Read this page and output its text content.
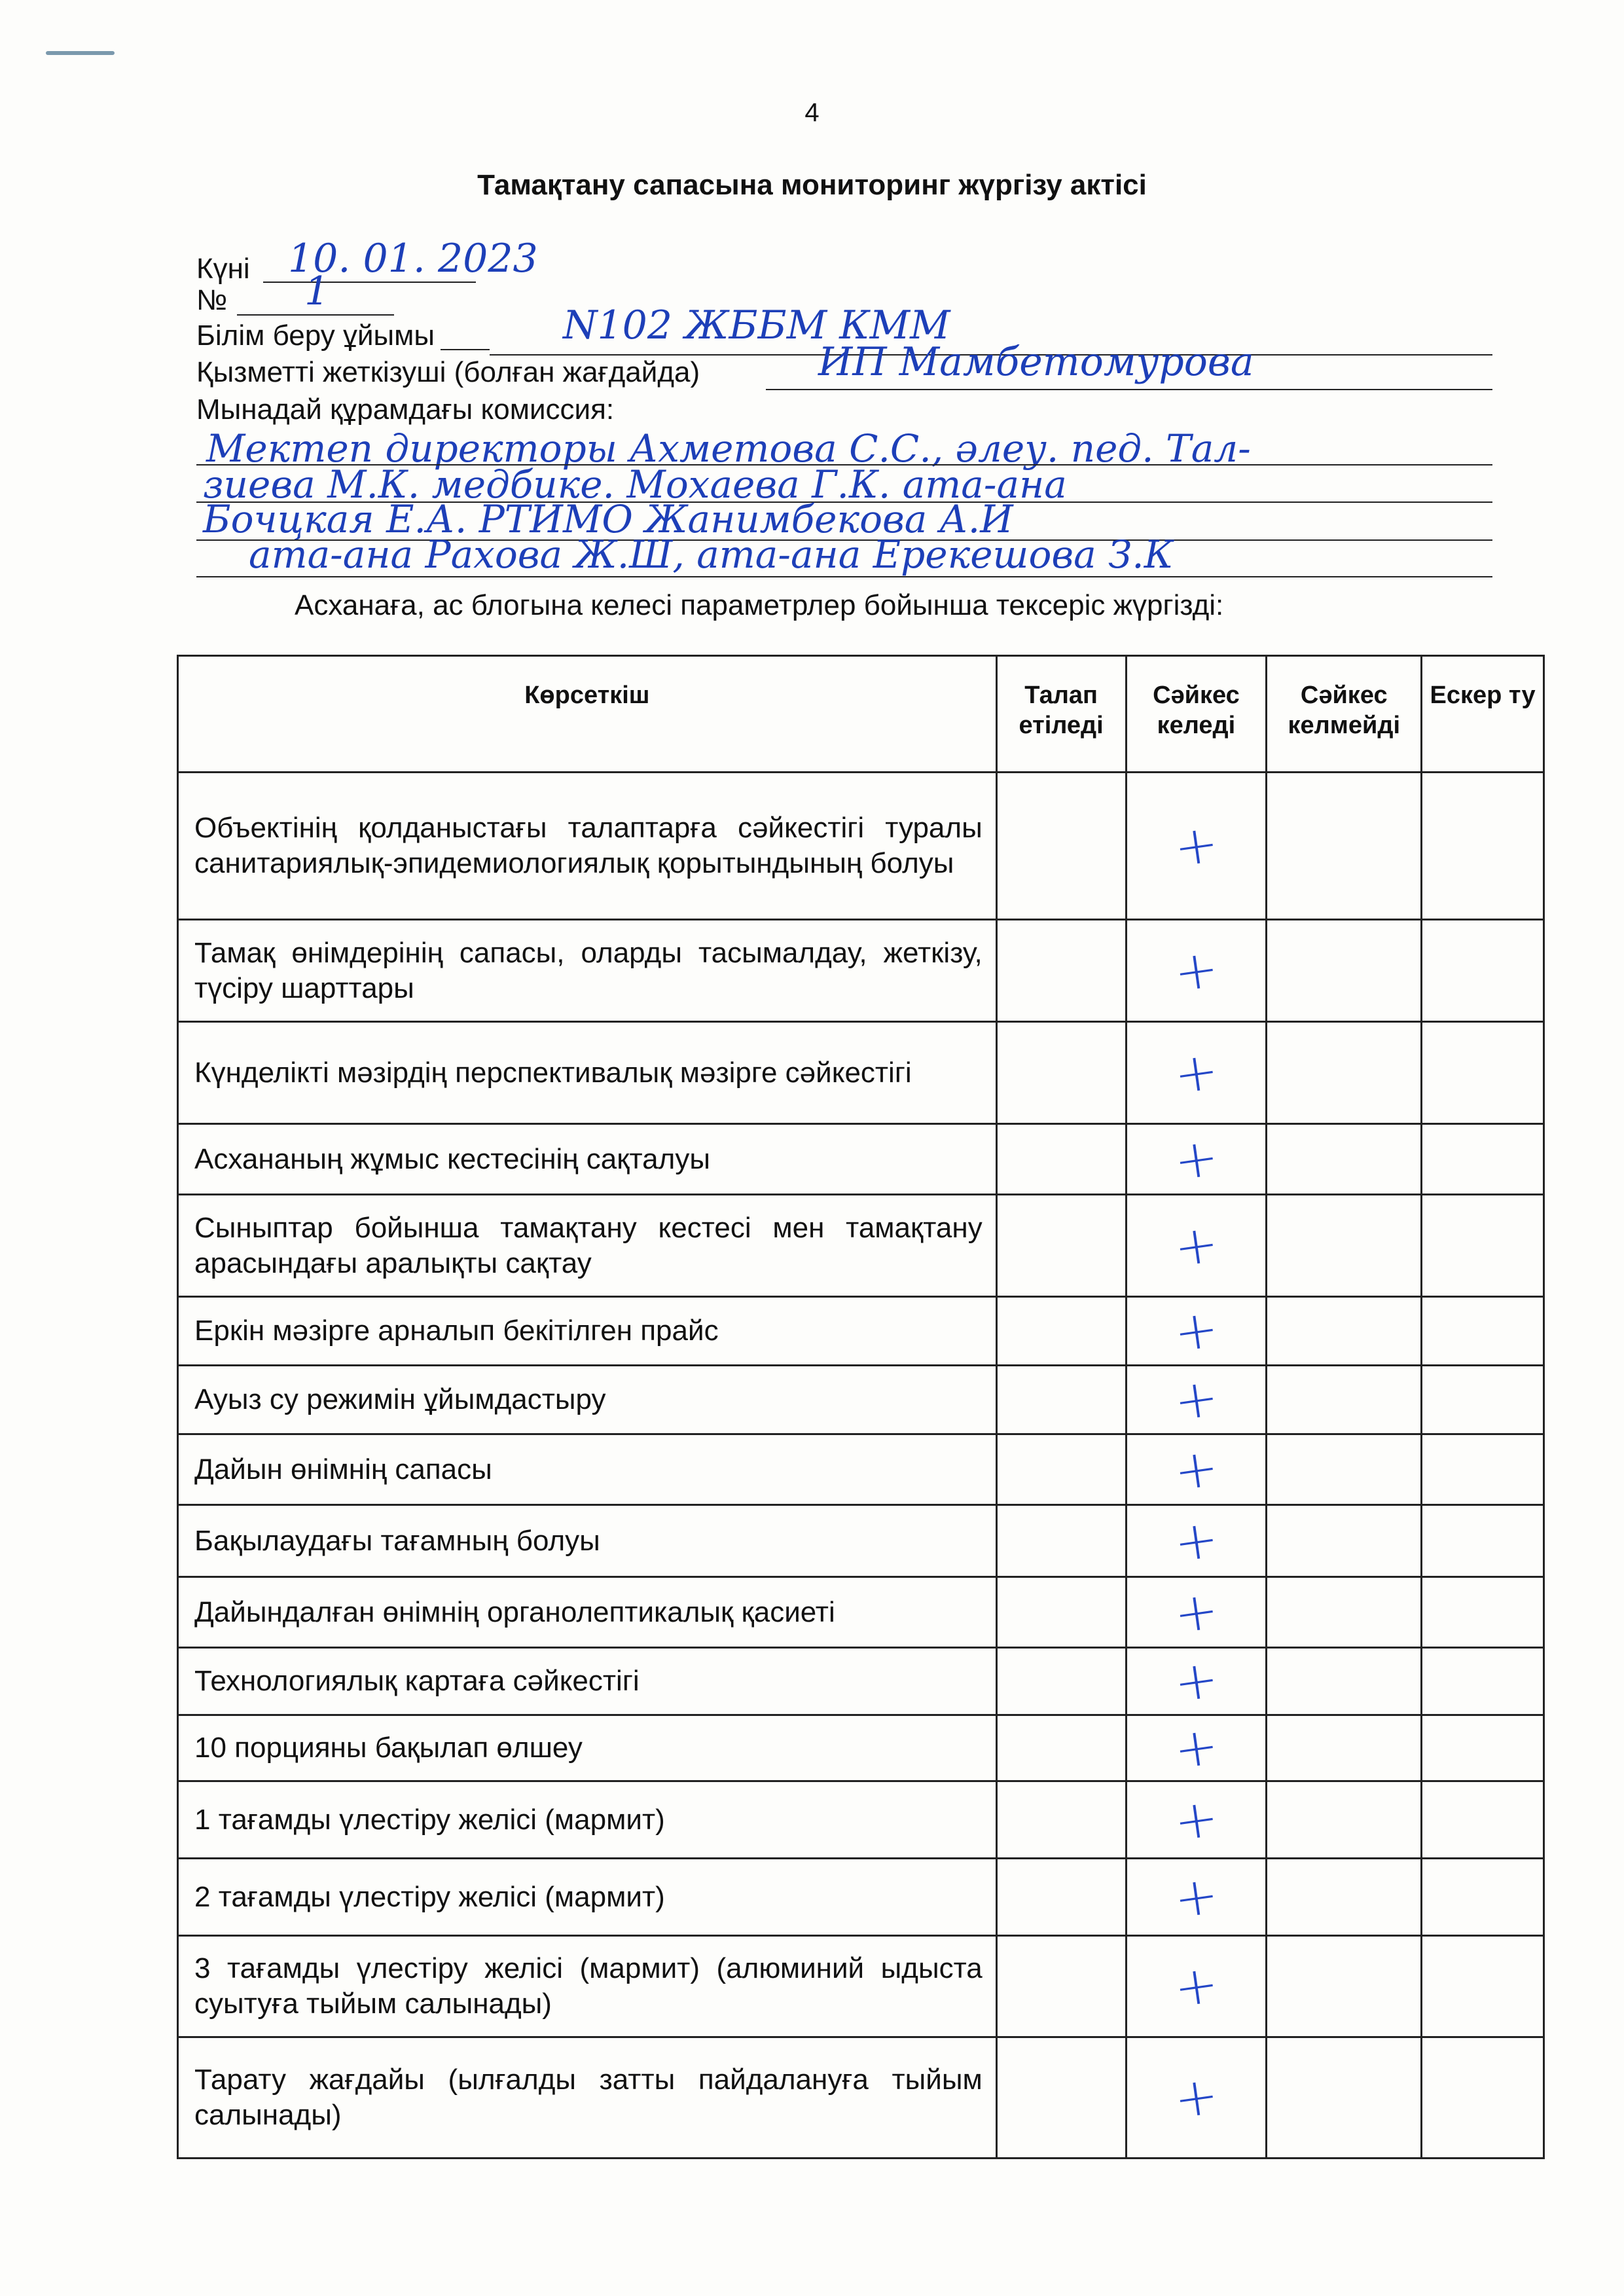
4
Тамақтану сапасына мониторинг жүргізу актісі
Күні 10. 01. 2023
№ 1
Білім беру ұйымы	N102 ЖББМ КММ
Қызметті жеткізуші (болған жағдайда)	ИП Мамбетомурова
Мынадай құрамдағы комиссия:
Мектеп директоры Ахметова С.С., әлеу. пед. Тал-
зиева М.К. медбике. Мохаева Г.К. ата-ана
Бочцкая Е.А. РТИМО Жанимбекова А.И
ата-ана Рахова Ж.Ш, ата-ана Ерекешова З.К
Асханаға, ас блогына келесі параметрлер бойынша тексеріс жүргізді:
Көрсеткіш	Талап етіледі	Сәйкес келеді	Сәйкес келмейді	Ескер ту
Объектінің қолданыстағы талаптарға сәйкестігі туралы санитариялық-эпидемиологиялық қорытындының болуы		+		
Тамақ өнімдерінің сапасы, оларды тасымалдау, жеткізу, түсіру шарттары		+		
Күнделікті мәзірдің перспективалық мәзірге сәйкестігі		+		
Асхананың жұмыс кестесінің сақталуы		+		
Сыныптар бойынша тамақтану кестесі мен тамақтану арасындағы аралықты сақтау		+		
Еркін мәзірге арналып бекітілген прайс		+		
Ауыз су режимін ұйымдастыру		+		
Дайын өнімнің сапасы		+		
Бақылаудағы тағамның болуы		+		
Дайындалған өнімнің органолептикалық қасиеті		+		
Технологиялық картаға сәйкестігі		+		
10 порцияны бақылап өлшеу		+		
1 тағамды үлестіру желісі (мармит)		+		
2 тағамды үлестіру желісі (мармит)		+		
3 тағамды үлестіру желісі (мармит) (алюминий ыдыста суытуға тыйым салынады)		+		
Тарату жағдайы (ылғалды затты пайдалануға тыйым салынады)		+		
